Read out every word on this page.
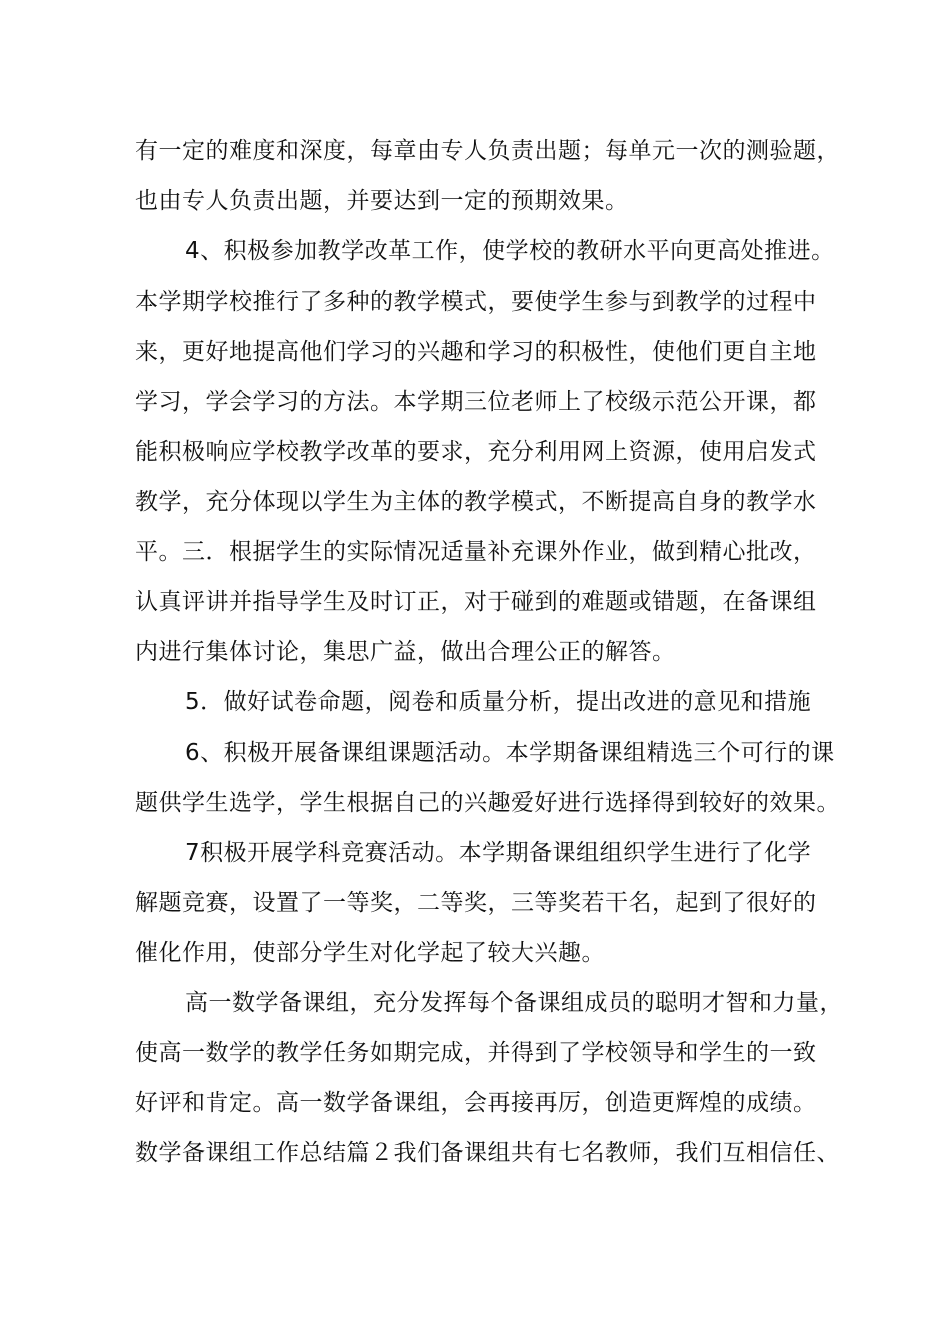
有一定的难度和深度，每章由专人负责出题；每单元一次的测验题，
也由专人负责出题，并要达到一定的预期效果。
4、积极参加教学改革工作，使学校的教研水平向更高处推进。
本学期学校推行了多种的教学模式，要使学生参与到教学的过程中
来，更好地提高他们学习的兴趣和学习的积极性，使他们更自主地
学习，学会学习的方法。本学期三位老师上了校级示范公开课，都
能积极响应学校教学改革的要求，充分利用网上资源，使用启发式
教学，充分体现以学生为主体的教学模式，不断提高自身的教学水
平。三．根据学生的实际情况适量补充课外作业，做到精心批改，
认真评讲并指导学生及时订正，对于碰到的难题或错题，在备课组
内进行集体讨论，集思广益，做出合理公正的解答。
5．做好试卷命题，阅卷和质量分析，提出改进的意见和措施
6、积极开展备课组课题活动。本学期备课组精选三个可行的课
题供学生选学，学生根据自己的兴趣爱好进行选择得到较好的效果。
7积极开展学科竞赛活动。本学期备课组组织学生进行了化学
解题竞赛，设置了一等奖，二等奖，三等奖若干名，起到了很好的
催化作用，使部分学生对化学起了较大兴趣。
高一数学备课组，充分发挥每个备课组成员的聪明才智和力量，
使高一数学的教学任务如期完成，并得到了学校领导和学生的一致
好评和肯定。高一数学备课组，会再接再厉，创造更辉煌的成绩。
数学备课组工作总结篇２我们备课组共有七名教师，我们互相信任、
